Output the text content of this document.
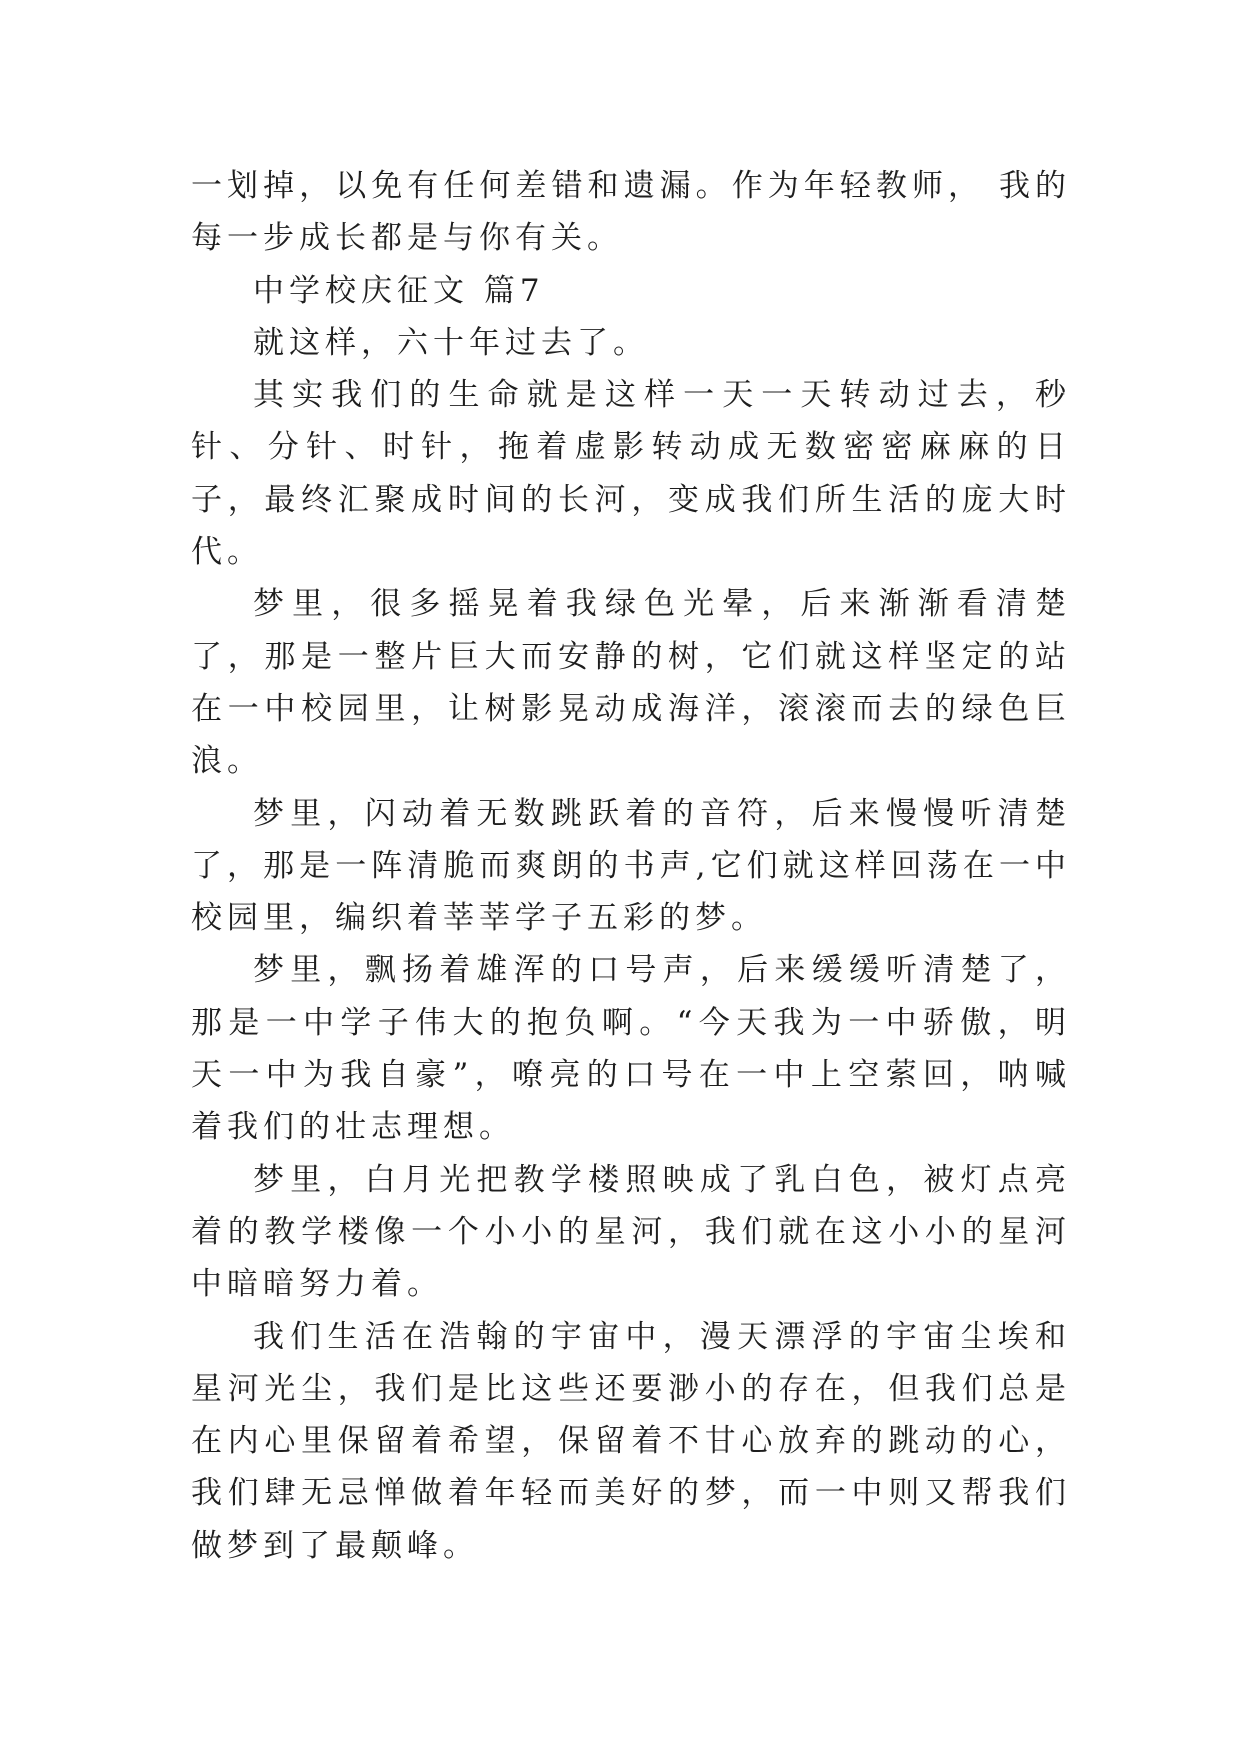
一划掉，以免有任何差错和遗漏。作为年轻教师， 我的每一步成长都是与你有关。

中学校庆征文 篇7

就这样，六十年过去了。

其实我们的生命就是这样一天一天转动过去，秒针、分针、时针，拖着虚影转动成无数密密麻麻的日子，最终汇聚成时间的长河，变成我们所生活的庞大时代。

梦里，很多摇晃着我绿色光晕，后来渐渐看清楚了，那是一整片巨大而安静的树，它们就这样坚定的站在一中校园里，让树影晃动成海洋，滚滚而去的绿色巨浪。

梦里，闪动着无数跳跃着的音符，后来慢慢听清楚了，那是一阵清脆而爽朗的书声,它们就这样回荡在一中校园里，编织着莘莘学子五彩的梦。

梦里，飘扬着雄浑的口号声，后来缓缓听清楚了，那是一中学子伟大的抱负啊。“今天我为一中骄傲，明天一中为我自豪”，嘹亮的口号在一中上空萦回，呐喊着我们的壮志理想。

梦里，白月光把教学楼照映成了乳白色，被灯点亮着的教学楼像一个小小的星河，我们就在这小小的星河中暗暗努力着。

我们生活在浩翰的宇宙中，漫天漂浮的宇宙尘埃和星河光尘，我们是比这些还要渺小的存在，但我们总是在内心里保留着希望，保留着不甘心放弃的跳动的心，我们肆无忌惮做着年轻而美好的梦，而一中则又帮我们做梦到了最颠峰。
